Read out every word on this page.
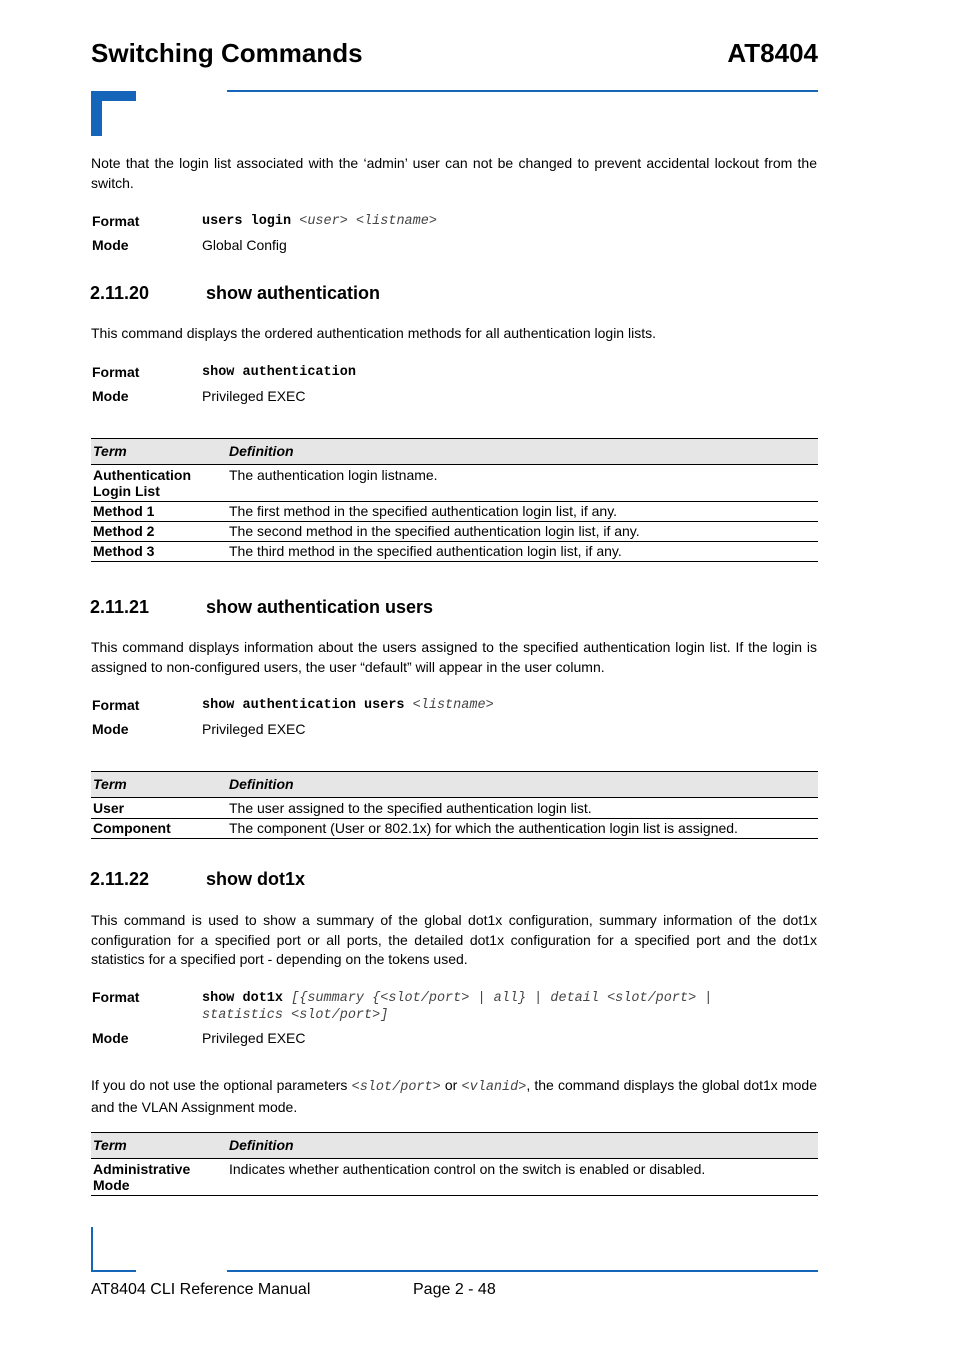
Switching Commands	AT8404
Note that the login list associated with the ‘admin’ user can not be changed to prevent accidental lockout from the switch.
Format	users login <user> <listname>
Mode	Global Config
2.11.20	show authentication
This command displays the ordered authentication methods for all authentication login lists.
Format	show authentication
Mode	Privileged EXEC
Term	Definition
Authentication Login List	The authentication login listname.
Method 1	The first method in the specified authentication login list, if any.
Method 2	The second method in the specified authentication login list, if any.
Method 3	The third method in the specified authentication login list, if any.
2.11.21	show authentication users
This command displays information about the users assigned to the specified authentication login list. If the login is assigned to non-configured users, the user “default” will appear in the user column.
Format	show authentication users <listname>
Mode	Privileged EXEC
Term	Definition
User	The user assigned to the specified authentication login list.
Component	The component (User or 802.1x) for which the authentication login list is assigned.
2.11.22	show dot1x
This command is used to show a summary of the global dot1x configuration, summary information of the dot1x configuration for a specified port or all ports, the detailed dot1x configuration for a specified port and the dot1x statistics for a specified port - depending on the tokens used.
Format	show dot1x [{summary {<slot/port> | all} | detail <slot/port> |
statistics <slot/port>]
Mode	Privileged EXEC
If you do not use the optional parameters <slot/port> or <vlanid>, the command displays the global dot1x mode and the VLAN Assignment mode.
Term	Definition
Administrative Mode	Indicates whether authentication control on the switch is enabled or disabled.
AT8404 CLI Reference Manual	Page 2 - 48
